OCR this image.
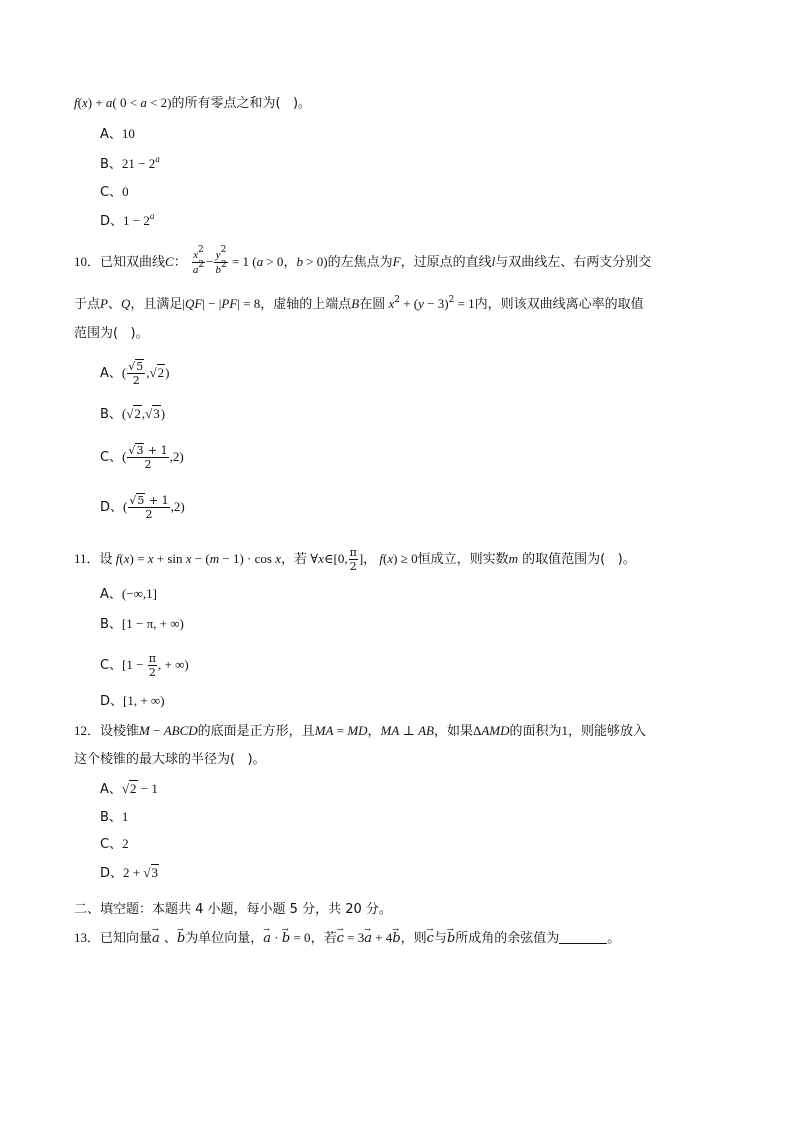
f(x) + a( 0 < a < 2)的所有零点之和为(   )。
A、10
B、$21 - 2^a$
C、0
D、$1 - 2^a$
10．已知双曲线C： $\frac{x^2}{a^2} - \frac{y^2}{b^2} = 1$ (a > 0，b > 0)的左焦点为F，过原点的直线l与双曲线左、右两支分别交
于点P、Q，且满足|QF| − |PF| = 8，虚轴的上端点B在圆 $x^2 + (y - 3)^2 = 1$内，则该双曲线离心率的取值
范围为(   )。
A、( $\frac{√5}{2} ,√2$)
B、(√2,√3)
C、( $\frac{√3 + 1}{2} ,2$)
D、( $\frac{√5 + 1}{2} ,2$)
11．设 f(x) = x + sin x − (m − 1) · cos x，若 ∀x∈[0, $\frac{\pi}{2}$ ]， f(x) ≥ 0恒成立，则实数m 的取值范围为(   )。
A、(−∞,1]
B、[1 − π, + ∞)
C、[$1 - \frac{\pi}{2}$ , + ∞)
D、[1, + ∞)
12．设棱锥M − ABCD的底面是正方形，且MA = MD，MA ⊥ AB，如果ΔAMD的面积为1，则能够放入
这个棱锥的最大球的半径为(   )。
A、√2 − 1
B、1
C、2
D、2 + √3
二、填空题：本题共 4 小题，每小题 5 分，共 20 分。
13．已知向量→ a 、→ b为单位向量，→ a · → b = 0，若→ c = 3→ a + 4→ b，则→ c与→ b所成角的余弦值为	。
